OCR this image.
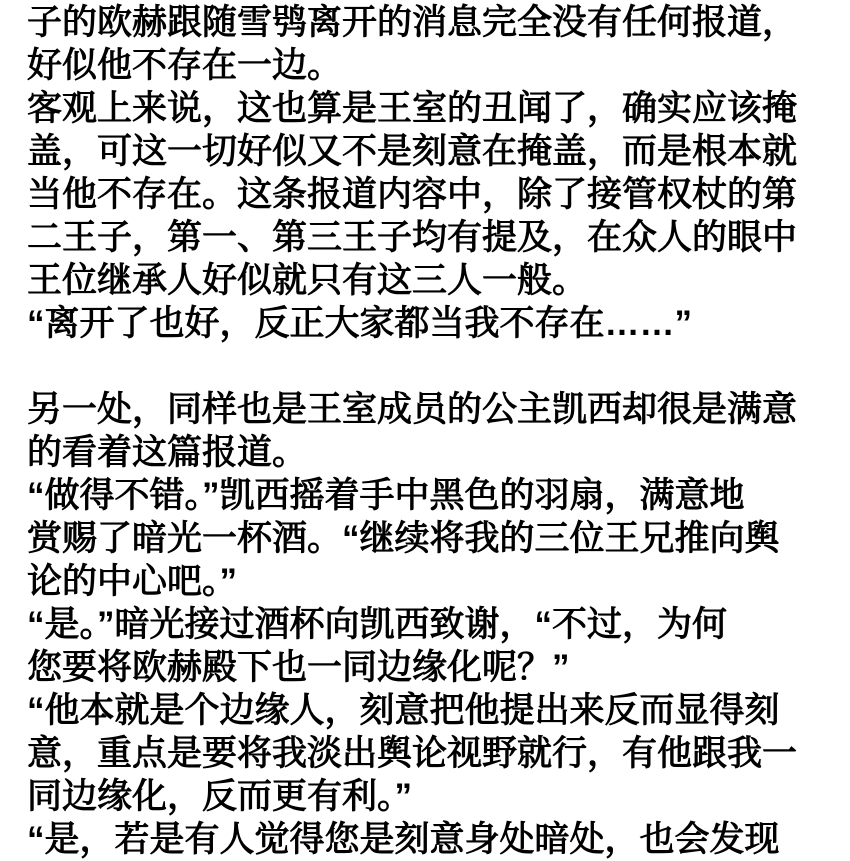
子的欧赫跟随雪鸮离开的消息完全没有任何报道，
好似他不存在一边。
客观上来说，这也算是王室的丑闻了，确实应该掩
盖，可这一切好似又不是刻意在掩盖，而是根本就
当他不存在。这条报道内容中，除了接管权杖的第
二王子，第一、第三王子均有提及，在众人的眼中
王位继承人好似就只有这三人一般。
“离开了也好，反正大家都当我不存在……”
另一处，同样也是王室成员的公主凯西却很是满意
的看着这篇报道。
“做得不错。”凯西摇着手中黑色的羽扇，满意地
赏赐了暗光一杯酒。“继续将我的三位王兄推向舆
论的中心吧。”
“是。”暗光接过酒杯向凯西致谢，“不过，为何
您要将欧赫殿下也一同边缘化呢？”
“他本就是个边缘人，刻意把他提出来反而显得刻
意，重点是要将我淡出舆论视野就行，有他跟我一
同边缘化，反而更有利。”
“是，若是有人觉得您是刻意身处暗处，也会发现
